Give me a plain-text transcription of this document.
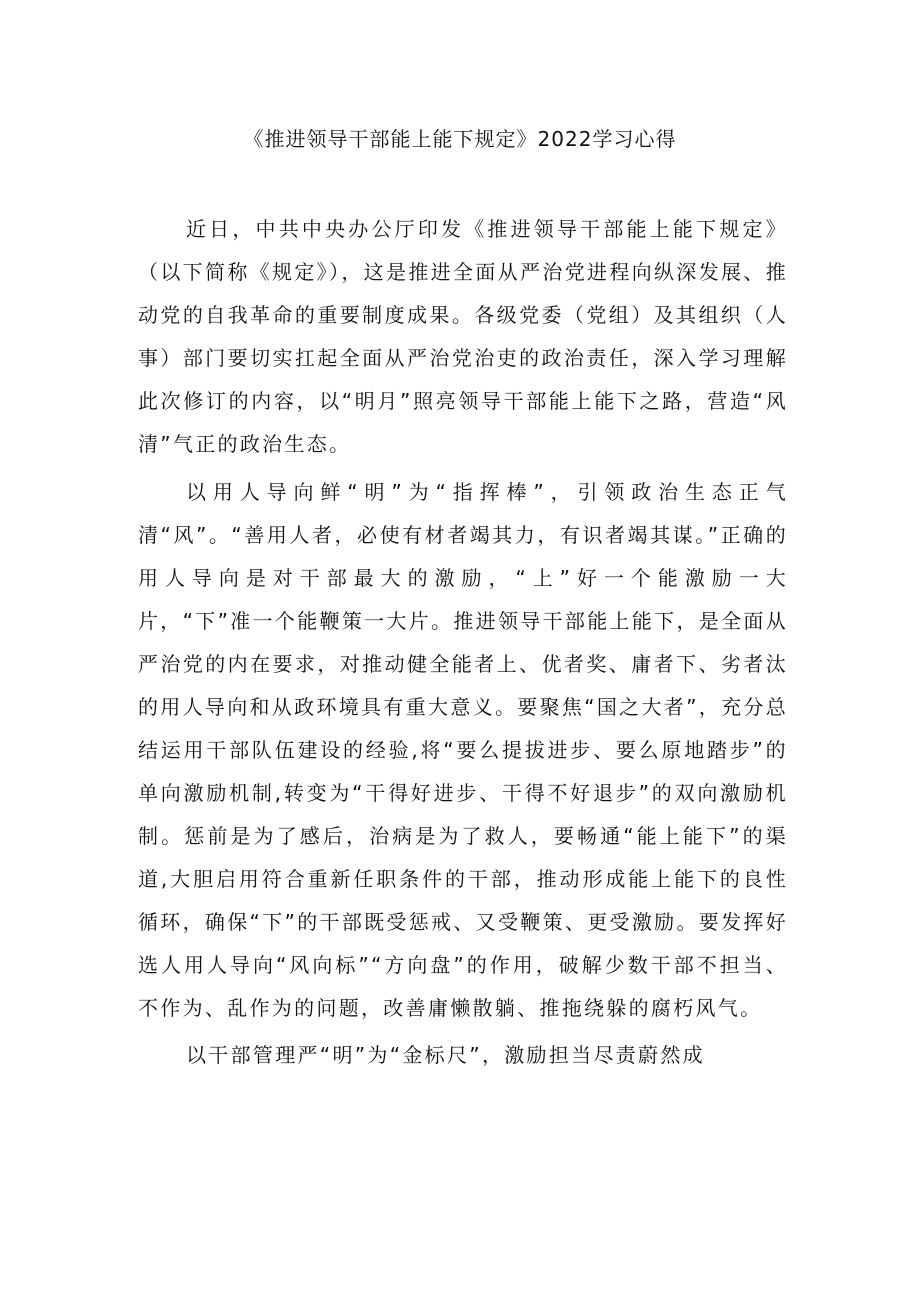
《推进领导干部能上能下规定》2022学习心得

近日，中共中央办公厅印发《推进领导干部能上能下规定》（以下简称《规定》），这是推进全面从严治党进程向纵深发展、推动党的自我革命的重要制度成果。各级党委（党组）及其组织（人事）部门要切实扛起全面从严治党治吏的政治责任，深入学习理解此次修订的内容，以“明月”照亮领导干部能上能下之路，营造“风清”气正的政治生态。

以用人导向鲜“明”为“指挥棒”，引领政治生态正气清“风”。“善用人者，必使有材者竭其力，有识者竭其谋。”正确的用人导向是对干部最大的激励，“上”好一个能激励一大片，“下”准一个能鞭策一大片。推进领导干部能上能下，是全面从严治党的内在要求，对推动健全能者上、优者奖、庸者下、劣者汰的用人导向和从政环境具有重大意义。要聚焦“国之大者”，充分总结运用干部队伍建设的经验,将“要么提拔进步、要么原地踏步”的单向激励机制,转变为“干得好进步、干得不好退步”的双向激励机制。惩前是为了感后，治病是为了救人，要畅通“能上能下”的渠道,大胆启用符合重新任职条件的干部，推动形成能上能下的良性循环，确保“下”的干部既受惩戒、又受鞭策、更受激励。要发挥好选人用人导向“风向标”“方向盘”的作用，破解少数干部不担当、不作为、乱作为的问题，改善庸懒散躺、推拖绕躲的腐朽风气。

以干部管理严“明”为“金标尺”，激励担当尽责蔚然成
